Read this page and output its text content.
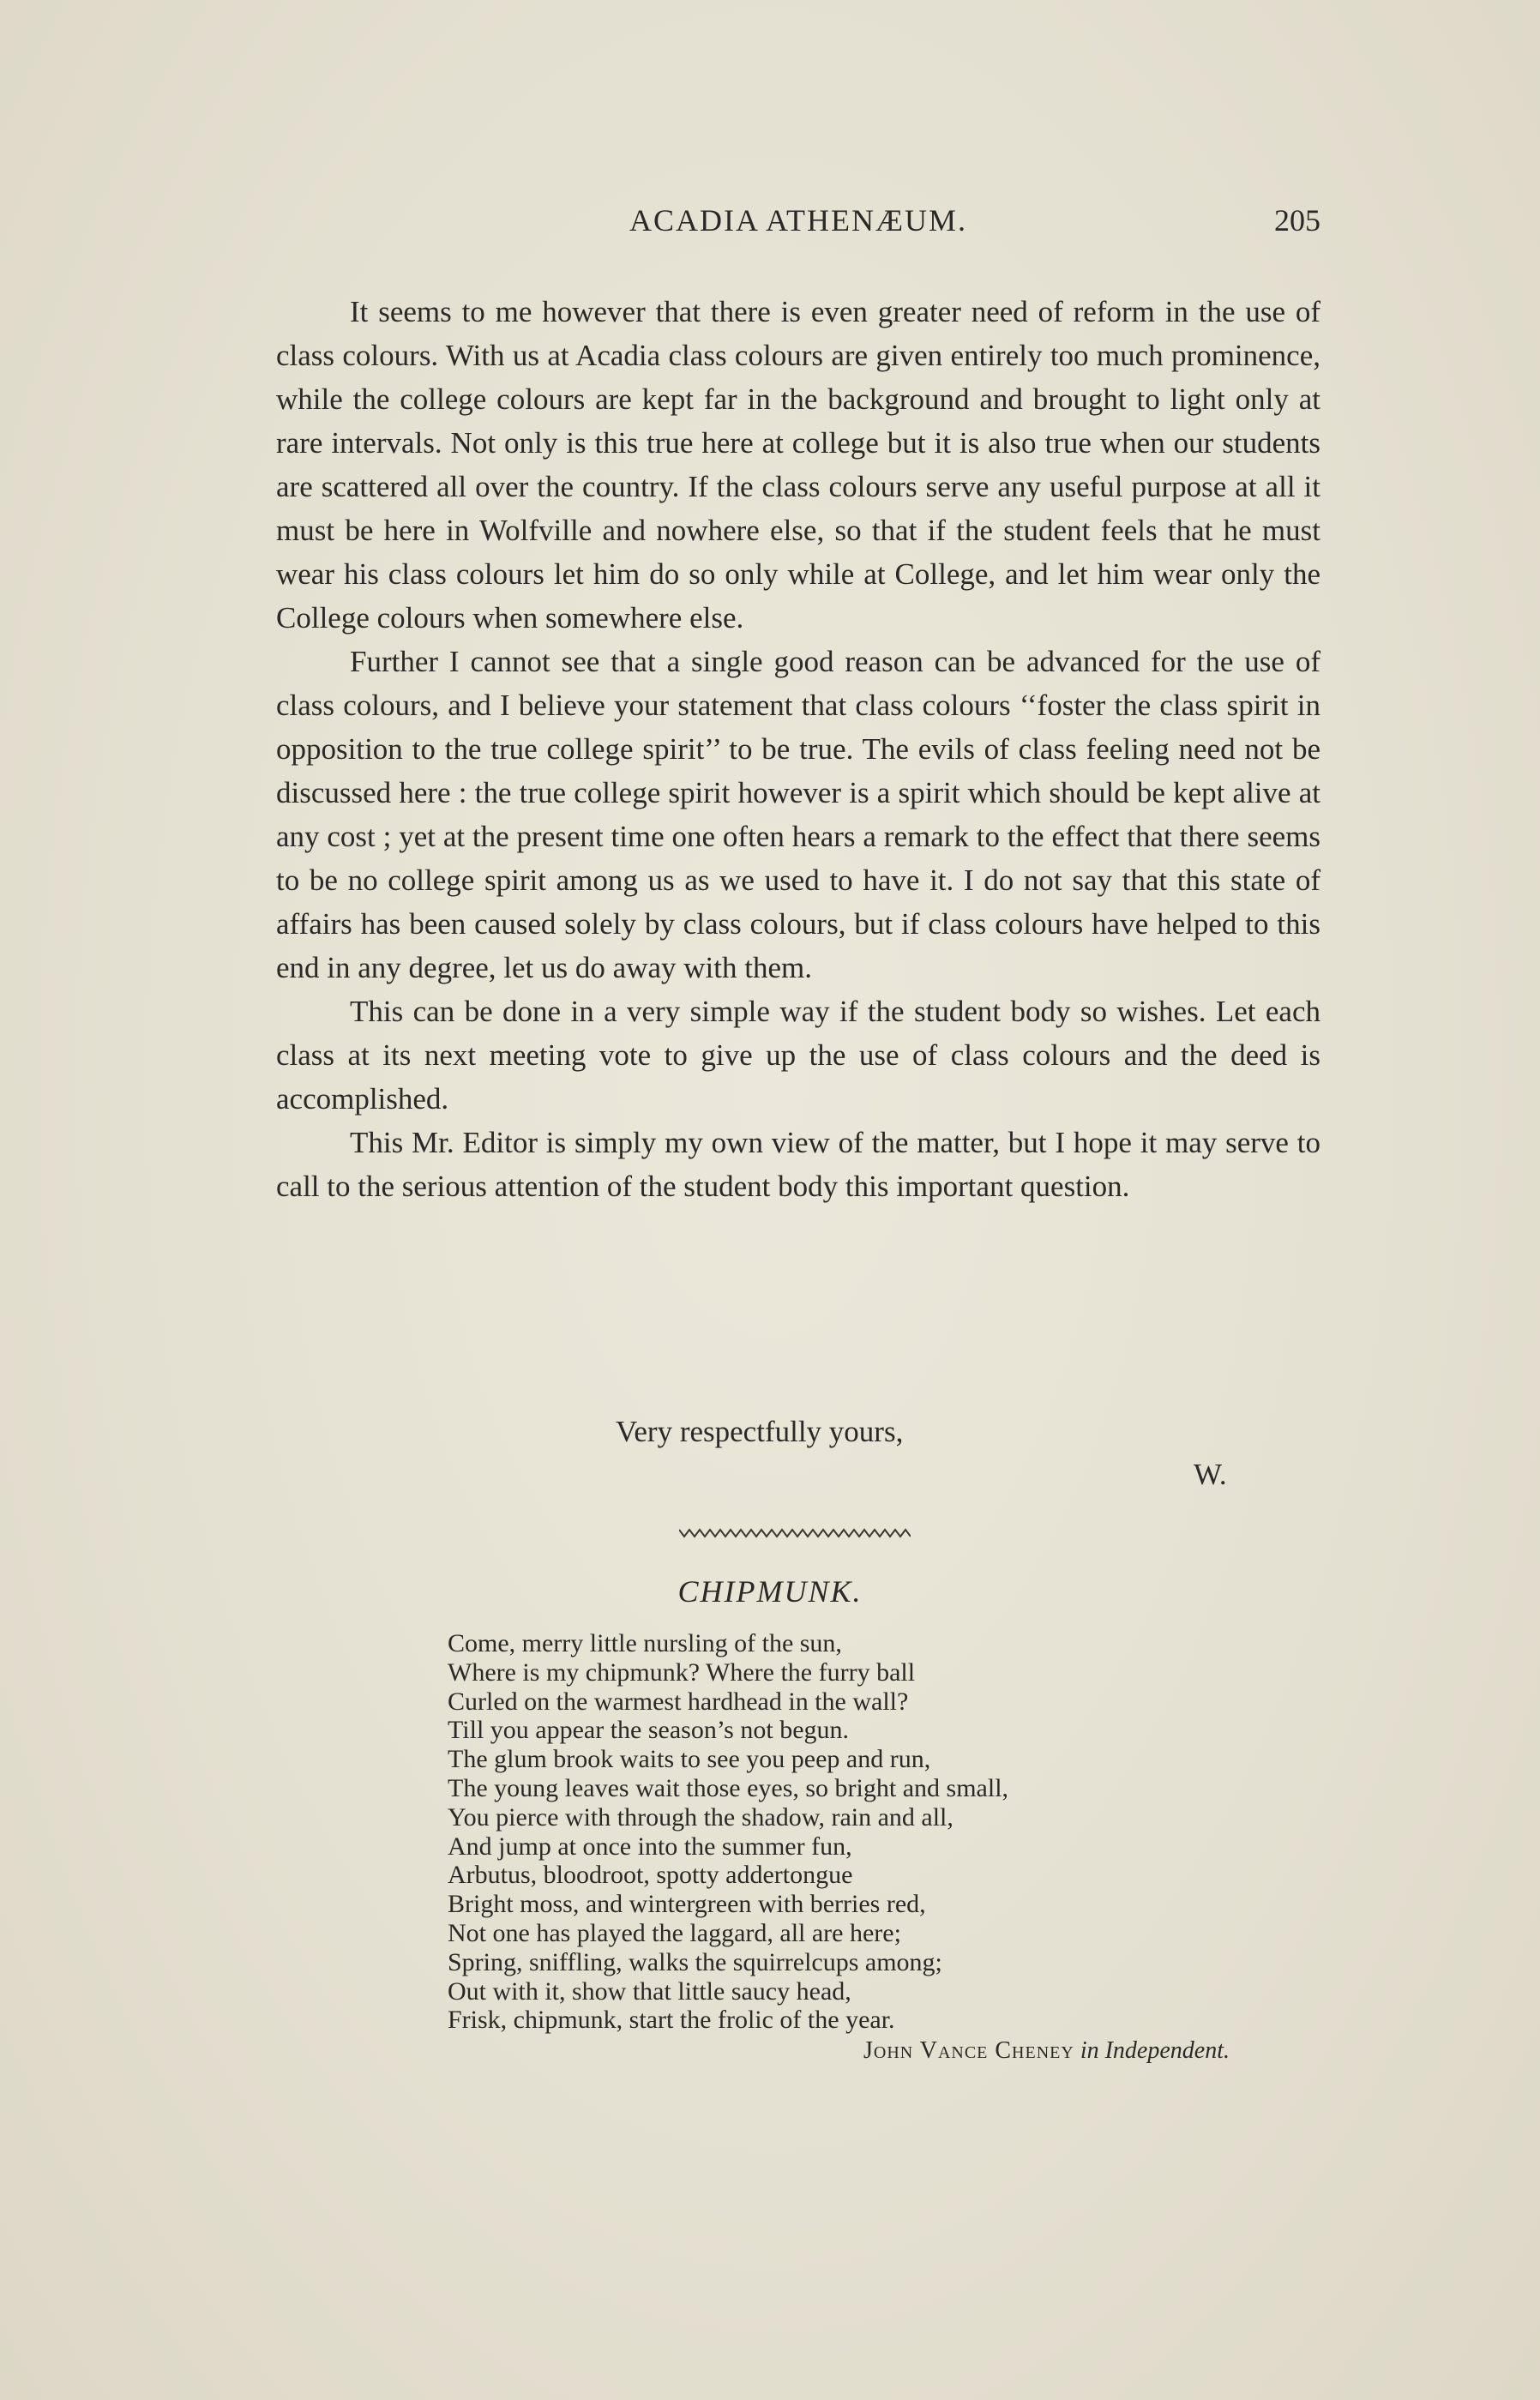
ACADIA ATHENÆUM.	205

It seems to me however that there is even greater need of reform in the use of class colours. With us at Acadia class colours are given entirely too much prominence, while the college colours are kept far in the background and brought to light only at rare intervals. Not only is this true here at college but it is also true when our students are scattered all over the country. If the class colours serve any useful purpose at all it must be here in Wolfville and nowhere else, so that if the student feels that he must wear his class colours let him do so only while at College, and let him wear only the College colours when somewhere else.

Further I cannot see that a single good reason can be advanced for the use of class colours, and I believe your statement that class colours ‘‘foster the class spirit in opposition to the true college spirit’’ to be true. The evils of class feeling need not be discussed here : the true college spirit however is a spirit which should be kept alive at any cost ; yet at the present time one often hears a remark to the effect that there seems to be no college spirit among us as we used to have it. I do not say that this state of affairs has been caused solely by class colours, but if class colours have helped to this end in any degree, let us do away with them.

This can be done in a very simple way if the student body so wishes. Let each class at its next meeting vote to give up the use of class colours and the deed is accomplished.

This Mr. Editor is simply my own view of the matter, but I hope it may serve to call to the serious attention of the student body this important question.

Very respectfully yours,
W.
CHIPMUNK.
Come, merry little nursling of the sun,
Where is my chipmunk? Where the furry ball
Curled on the warmest hardhead in the wall?
Till you appear the season’s not begun.
The glum brook waits to see you peep and run,
The young leaves wait those eyes, so bright and small,
You pierce with through the shadow, rain and all,
And jump at once into the summer fun,
Arbutus, bloodroot, spotty addertongue
Bright moss, and wintergreen with berries red,
Not one has played the laggard, all are here;
Spring, sniffling, walks the squirrelcups among;
Out with it, show that little saucy head,
Frisk, chipmunk, start the frolic of the year.
John Vance Cheney in Independent.
